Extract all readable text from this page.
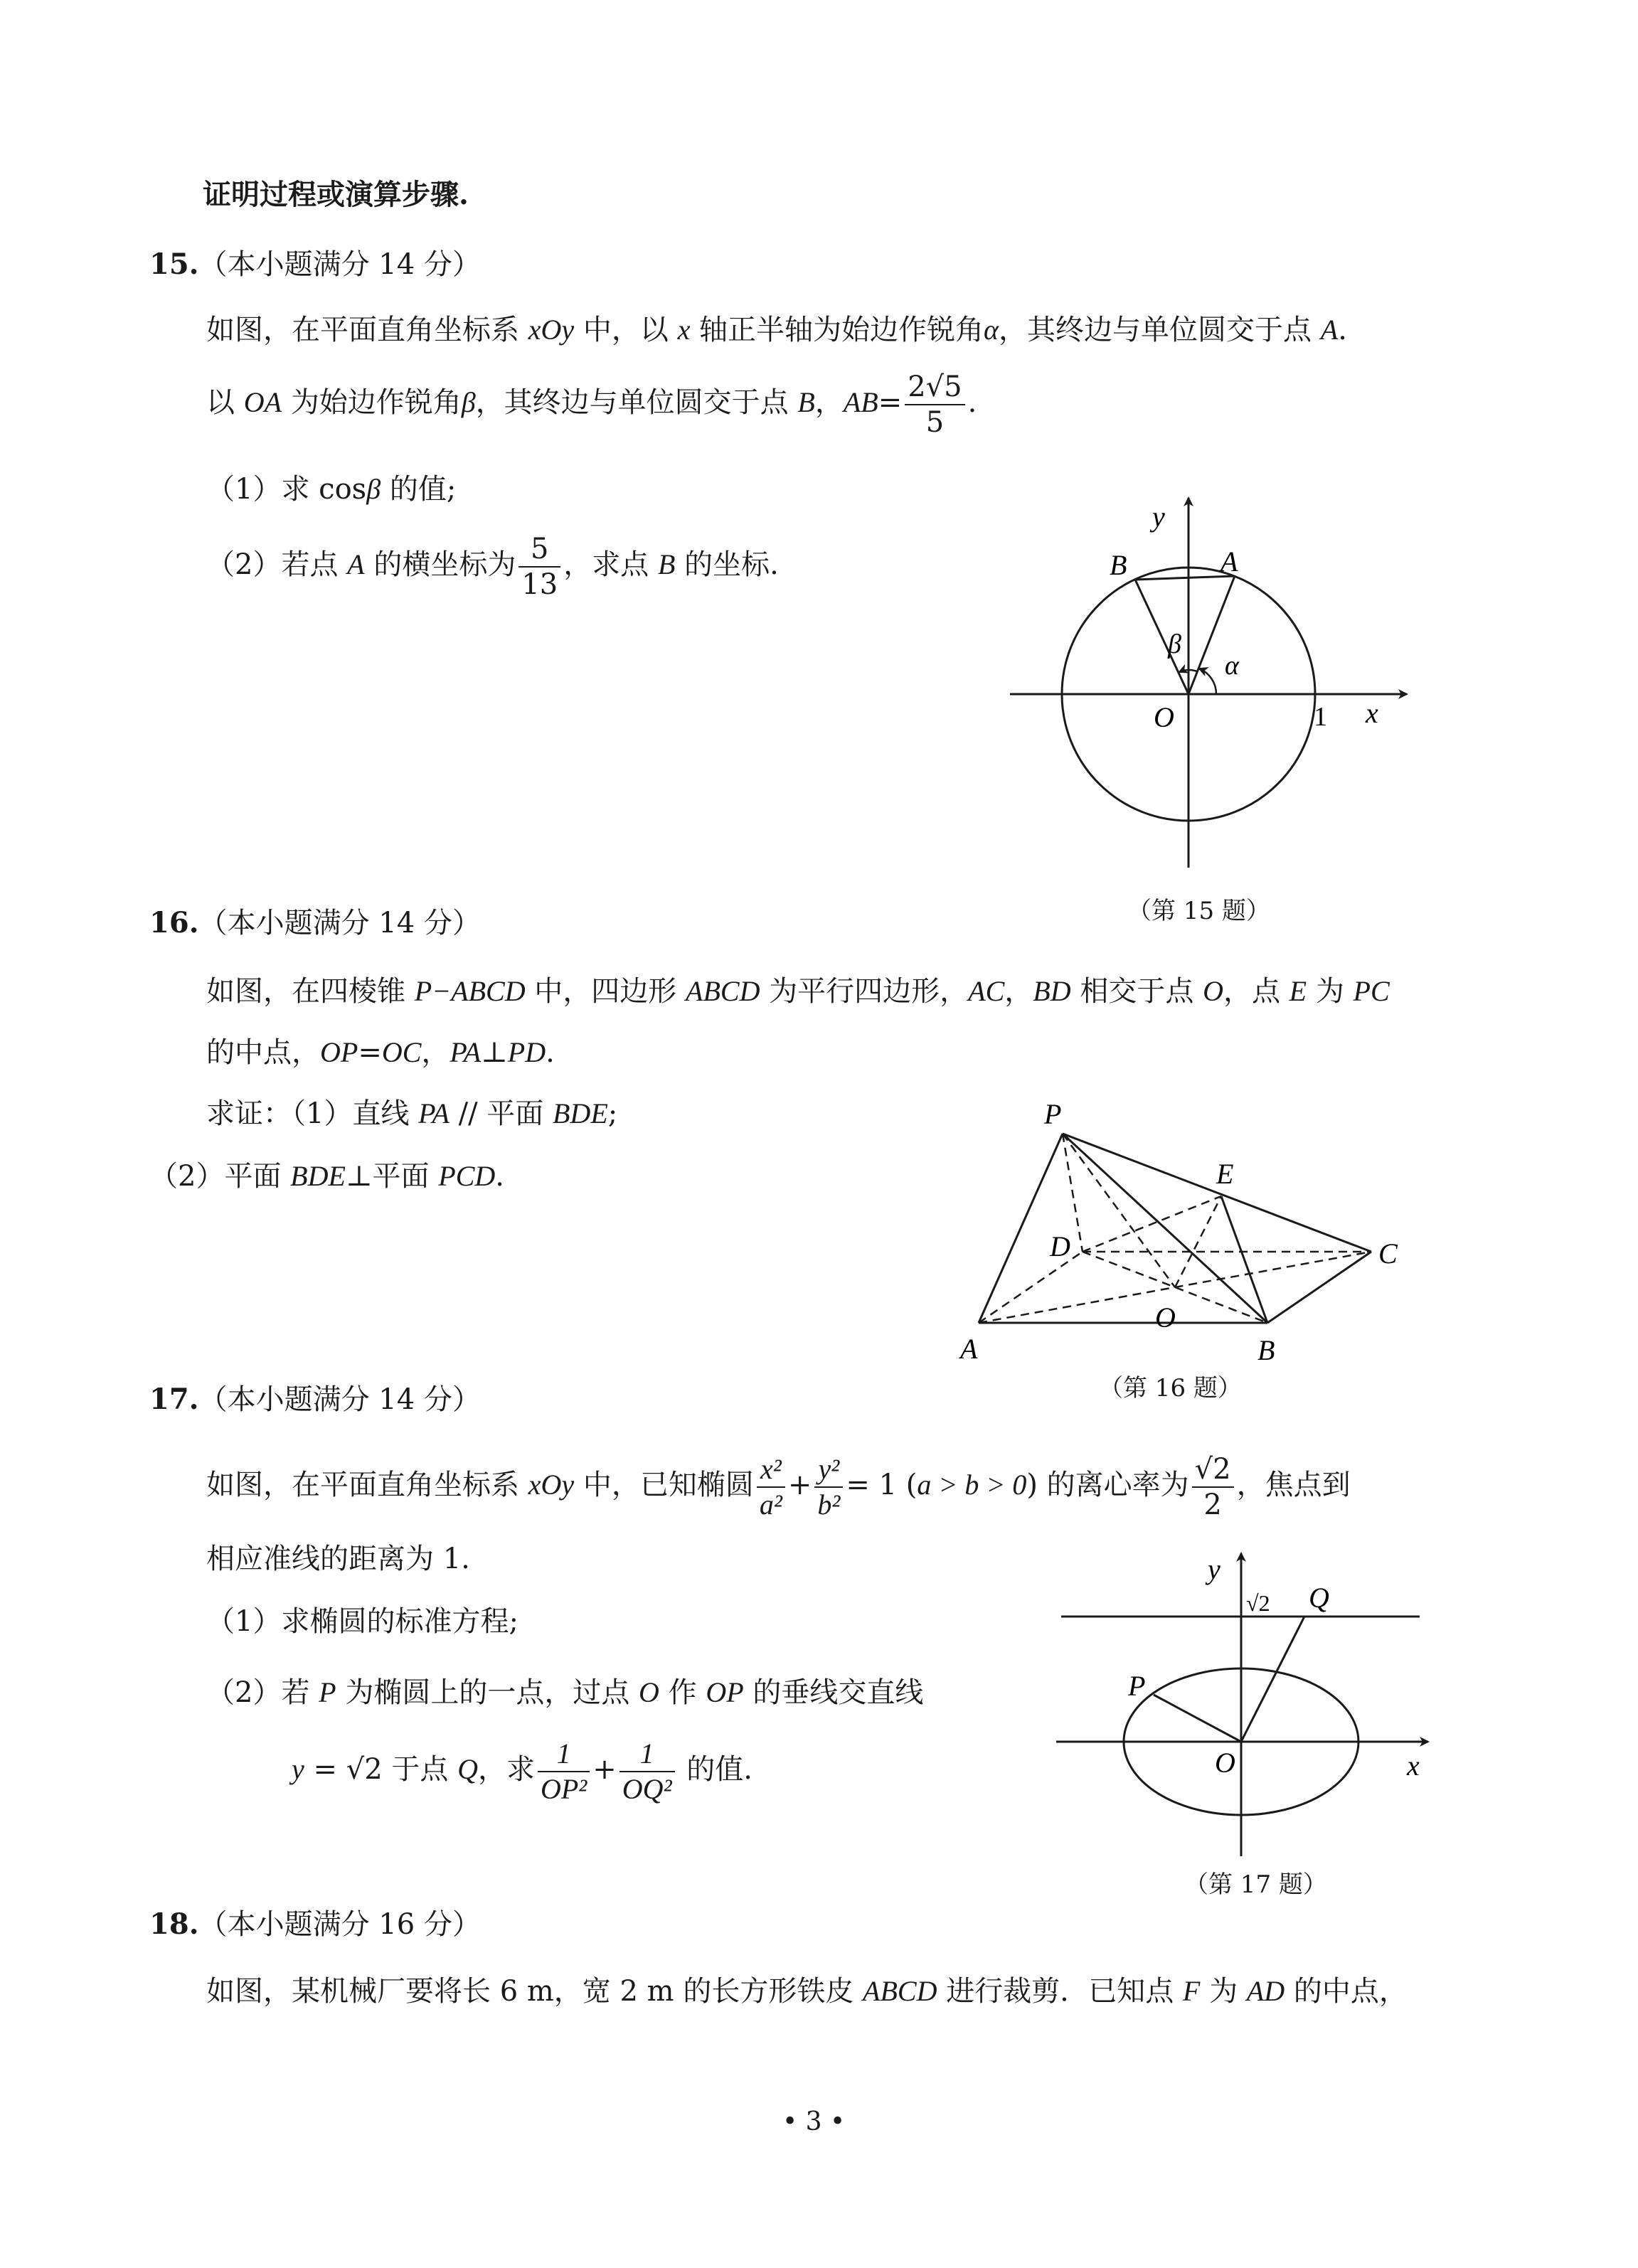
证明过程或演算步骤.
15.（本小题满分 14 分）
如图，在平面直角坐标系 xOy 中，以 x 轴正半轴为始边作锐角α，其终边与单位圆交于点 A.
以 OA 为始边作锐角β，其终边与单位圆交于点 B，$AB= \frac{2√5}{5}$ .
（1）求 cosβ 的值;
（2）若点 A 的横坐标为 $\frac{5}{13}$ ，求点 B 的坐标.
y
x
O
A
B
α
β
1
（第 15 题）
16.（本小题满分 14 分）
如图，在四棱锥 P−ABCD 中，四边形 ABCD 为平行四边形，AC，BD 相交于点 O，点 E 为 PC
的中点，OP=OC，PA⊥PD.
求证：（1）直线 PA // 平面 BDE;
（2）平面 BDE⊥平面 PCD.
P
A	B
C
D
E
O
（第 16 题）
17.（本小题满分 14 分）
如图，在平面直角坐标系 xOy 中，已知椭圆 $\frac{\text{x²}}{\text{a²}} + \frac{\text{y²}}{\text{b²}} = 1$ (a > b > 0) 的离心率为 $\frac{√2}{2}$ ，焦点到
相应准线的距离为 1.
（1）求椭圆的标准方程;
（2）若 P 为椭圆上的一点，过点 O 作 OP 的垂线交直线
y = √2 于点 Q，求 $\frac{1}{\text{OP²}} + \frac{1}{\text{OQ²}}$ 的值.
y
x
O
P
Q
√2
（第 17 题）
18.（本小题满分 16 分）
如图，某机械厂要将长 6 m，宽 2 m 的长方形铁皮 ABCD 进行裁剪．已知点 F 为 AD 的中点，
• 3 •
